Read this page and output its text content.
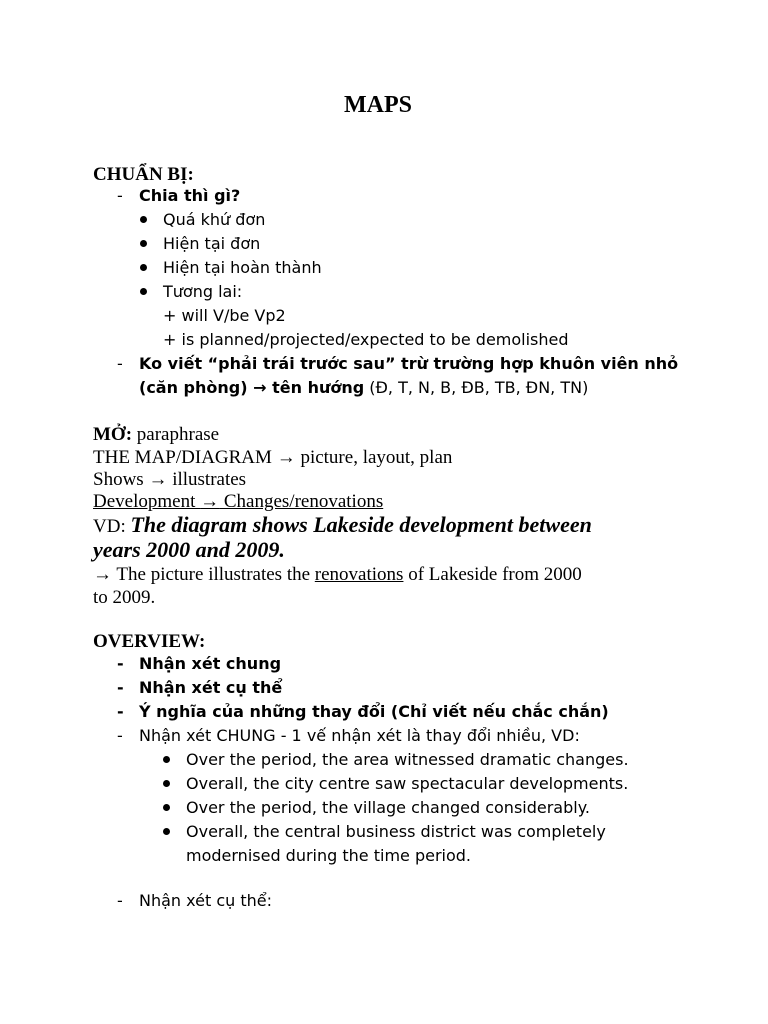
MAPS
CHUẨN BỊ:
- Chia thì gì?
Quá khứ đơn
Hiện tại đơn
Hiện tại hoàn thành
Tương lai:
+ will V/be Vp2
+ is planned/projected/expected to be demolished
- Ko viết “phải trái trước sau” trừ trường hợp khuôn viên nhỏ
(căn phòng) → tên hướng (Đ, T, N, B, ĐB, TB, ĐN, TN)
MỞ: paraphrase
THE MAP/DIAGRAM → picture, layout, plan
Shows → illustrates
Development → Changes/renovations
VD: The diagram shows Lakeside development between
years 2000 and 2009.
→ The picture illustrates the renovations of Lakeside from 2000
to 2009.
OVERVIEW:
- Nhận xét chung
- Nhận xét cụ thể
- Ý nghĩa của những thay đổi (Chỉ viết nếu chắc chắn)
- Nhận xét CHUNG - 1 vế nhận xét là thay đổi nhiều, VD:
Over the period, the area witnessed dramatic changes.
Overall, the city centre saw spectacular developments.
Over the period, the village changed considerably.
Overall, the central business district was completely
modernised during the time period.
- Nhận xét cụ thể:
